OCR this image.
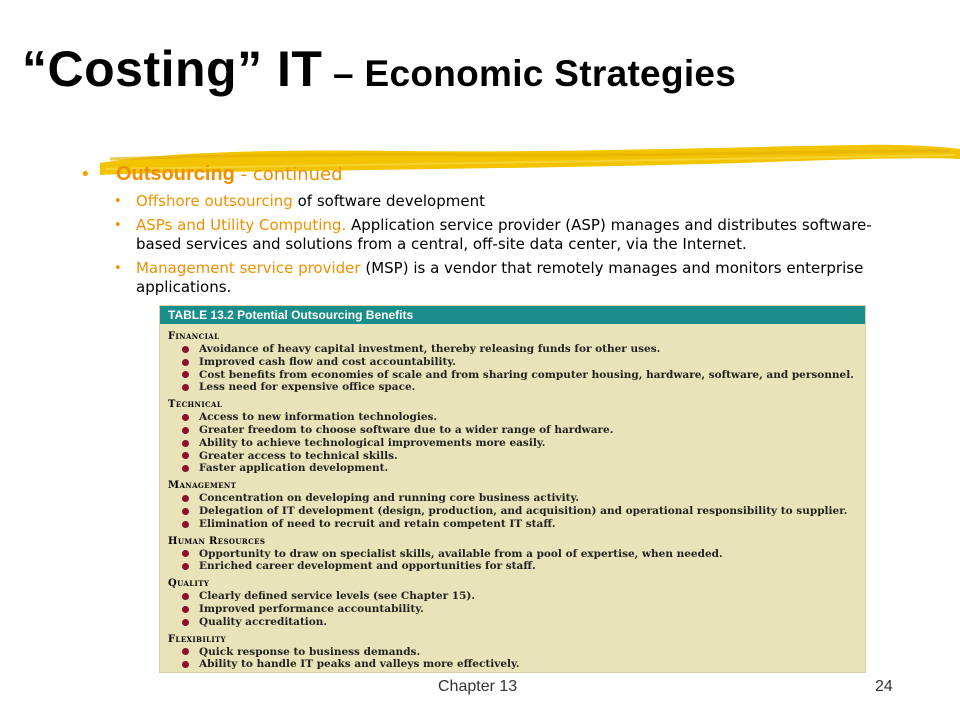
“Costing” IT – Economic Strategies
•	Outsourcing - continued
• Offshore outsourcing of software development
• ASPs and Utility Computing. Application service provider (ASP) manages and distributes software-based services and solutions from a central, off-site data center, via the Internet.
• Management service provider (MSP) is a vendor that remotely manages and monitors enterprise applications.
TABLE 13.2 Potential Outsourcing Benefits
Financial
Avoidance of heavy capital investment, thereby releasing funds for other uses.
Improved cash flow and cost accountability.
Cost benefits from economies of scale and from sharing computer housing, hardware, software, and personnel.
Less need for expensive office space.
Technical
Access to new information technologies.
Greater freedom to choose software due to a wider range of hardware.
Ability to achieve technological improvements more easily.
Greater access to technical skills.
Faster application development.
Management
Concentration on developing and running core business activity.
Delegation of IT development (design, production, and acquisition) and operational responsibility to supplier.
Elimination of need to recruit and retain competent IT staff.
Human Resources
Opportunity to draw on specialist skills, available from a pool of expertise, when needed.
Enriched career development and opportunities for staff.
Quality
Clearly defined service levels (see Chapter 15).
Improved performance accountability.
Quality accreditation.
Flexibility
Quick response to business demands.
Ability to handle IT peaks and valleys more effectively.
Chapter 13	24
